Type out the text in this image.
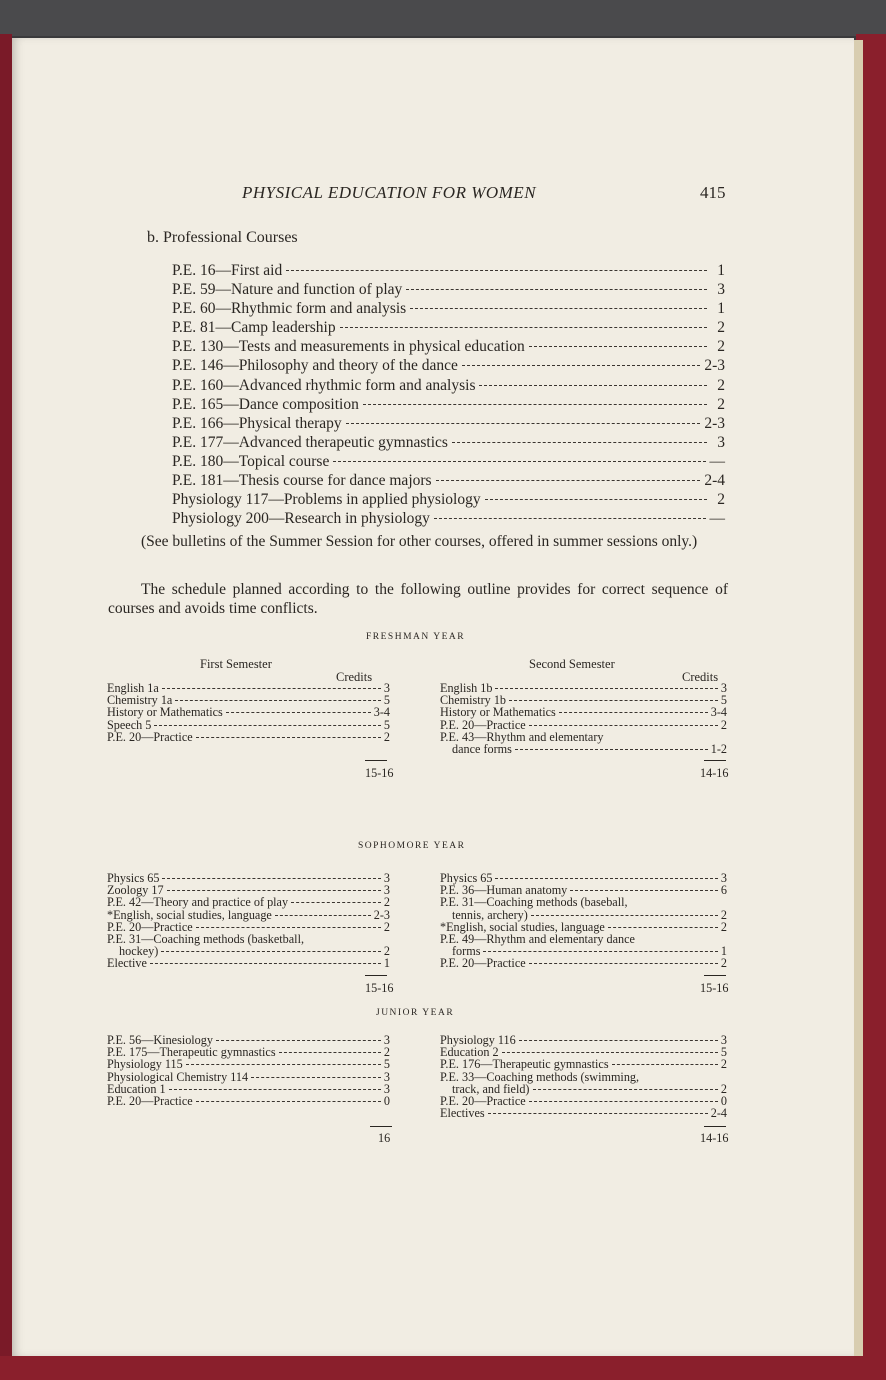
PHYSICAL EDUCATION FOR WOMEN	415
b. Professional Courses
P.E. 16—First aid	1
P.E. 59—Nature and function of play	3
P.E. 60—Rhythmic form and analysis	1
P.E. 81—Camp leadership	2
P.E. 130—Tests and measurements in physical education	2
P.E. 146—Philosophy and theory of the dance	2-3
P.E. 160—Advanced rhythmic form and analysis	2
P.E. 165—Dance composition	2
P.E. 166—Physical therapy	2-3
P.E. 177—Advanced therapeutic gymnastics	3
P.E. 180—Topical course	—
P.E. 181—Thesis course for dance majors	2-4
Physiology 117—Problems in applied physiology	2
Physiology 200—Research in physiology	—
(See bulletins of the Summer Session for other courses, offered in summer sessions only.)
The schedule planned according to the following outline provides for correct sequence of courses and avoids time conflicts.
FRESHMAN YEAR
First Semester	Second Semester
Credits	Credits
English 1a	3
Chemistry 1a	5
History or Mathematics	3-4
Speech 5	5
P.E. 20—Practice	2
English 1b	3
Chemistry 1b	5
History or Mathematics	3-4
P.E. 20—Practice	2
P.E. 43—Rhythm and elementary
dance forms	1-2
15-16	14-16
SOPHOMORE YEAR
Physics 65	3
Zoology 17	3
P.E. 42—Theory and practice of play	2
*English, social studies, language	2-3
P.E. 20—Practice	2
P.E. 31—Coaching methods (basketball,
hockey)	2
Elective	1
Physics 65	3
P.E. 36—Human anatomy	6
P.E. 31—Coaching methods (baseball,
tennis, archery)	2
*English, social studies, language	2
P.E. 49—Rhythm and elementary dance
forms	1
P.E. 20—Practice	2
15-16	15-16
JUNIOR YEAR
P.E. 56—Kinesiology	3
P.E. 175—Therapeutic gymnastics	2
Physiology 115	5
Physiological Chemistry 114	3
Education 1	3
P.E. 20—Practice	0
Physiology 116	3
Education 2	5
P.E. 176—Therapeutic gymnastics	2
P.E. 33—Coaching methods (swimming,
track, and field)	2
P.E. 20—Practice	0
Electives	2-4
16	14-16
